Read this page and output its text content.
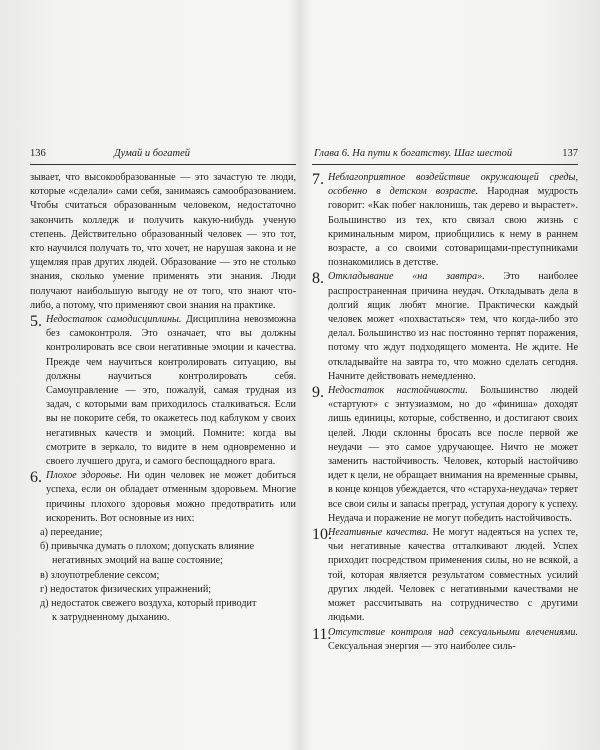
136	Думай и богатей

зывает, что высокообразованные — это зачастую те люди, которые «сделали» сами себя, занимаясь самообразованием. Чтобы считаться образованным человеком, недостаточно закончить колледж и получить какую-нибудь ученую степень. Действительно образованный человек — это тот, кто научился получать то, что хочет, не нарушая закона и не ущемляя прав других людей. Образование — это не столько знания, сколько умение применять эти знания. Люди получают наибольшую выгоду не от того, что знают что-либо, а потому, что применяют свои знания на практике.

5. Недостаток самодисциплины. Дисциплина невозможна без самоконтроля. Это означает, что вы должны контролировать все свои негативные эмоции и качества. Прежде чем научиться контролировать ситуацию, вы должны научиться контролировать себя. Самоуправление — это, пожалуй, самая трудная из задач, с которыми вам приходилось сталкиваться. Если вы не покорите себя, то окажетесь под каблуком у своих негативных качеств и эмоций. Помните: когда вы смотрите в зеркало, то видите в нем одновременно и своего лучшего друга, и самого беспощадного врага.

6. Плохое здоровье. Ни один человек не может добиться успеха, если он обладает отменным здоровьем. Многие причины плохого здоровья можно предотвратить или искоренить. Вот основные из них:

а) переедание;
б) привычка думать о плохом; допускать влияние
негативных эмоций на ваше состояние;
в) злоупотребление сексом;
г) недостаток физических упражнений;
д) недостаток свежего воздуха, который приводит
к затрудненному дыханию.
Глава 6. На пути к богатству. Шаг шестой	137
7. Неблагоприятное воздействие окружающей среды, особенно в детском возрасте. Народная мудрость говорит: «Как побег наклонишь, так дерево и вырастет». Большинство из тех, кто связал свою жизнь с криминальным миром, приобщились к нему в раннем возрасте, а со своими сотоварищами-преступниками познакомились в детстве.

8. Откладывание «на завтра». Это наиболее распространенная причина неудач. Откладывать дела в долгий ящик любят многие. Практически каждый человек может «похвастаться» тем, что когда-либо это делал. Большинство из нас постоянно терпят поражения, потому что ждут подходящего момента. Не ждите. Не откладывайте на завтра то, что можно сделать сегодня. Начните действовать немедленно.

9. Недостаток настойчивости. Большинство людей «стартуют» с энтузиазмом, но до «финиша» доходят лишь единицы, которые, собственно, и достигают своих целей. Люди склонны бросать все после первой же неудачи — это самое удручающее. Ничто не может заменить настойчивость. Человек, который настойчиво идет к цели, не обращает внимания на временные срывы, в конце концов убеждается, что «старуха-неудача» теряет все свои силы и запасы преград, уступая дорогу к успеху. Неудача и поражение не могут победить настойчивость.

10.

Негативные качества. Не могут надеяться на успех те, чьи негативные качества отталкивают людей. Успех приходит посредством применения силы, но не всякой, а той, которая является результатом совместных усилий других людей. Человек с негативными качествами не может рассчитывать на сотрудничество с другими людьми.

11.

Отсутствие контроля над сексуальными влечениями. Сексуальная энергия — это наиболее силь-
